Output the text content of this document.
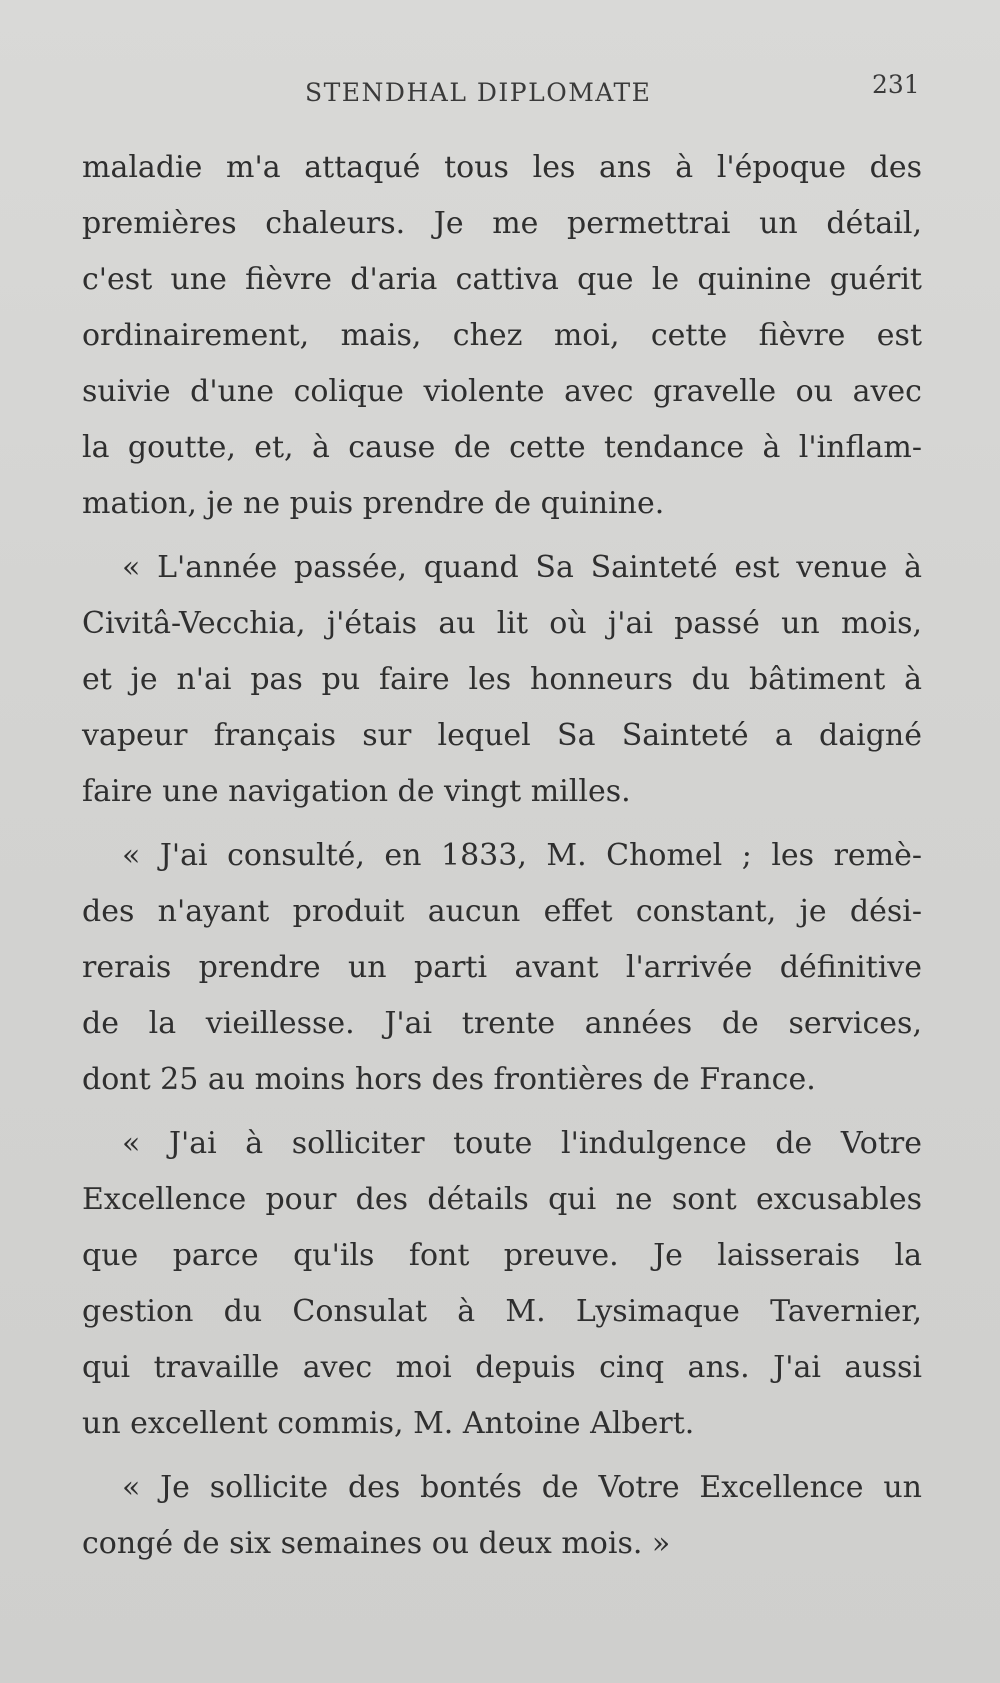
STENDHAL DIPLOMATE	231
maladie m'a attaqué tous les ans à l'époque des
premières chaleurs. Je me permettrai un détail,
c'est une fièvre d'aria cattiva que le quinine guérit
ordinairement, mais, chez moi, cette fièvre est
suivie d'une colique violente avec gravelle ou avec
la goutte, et, à cause de cette tendance à l'inflam-
mation, je ne puis prendre de quinine.
« L'année passée, quand Sa Sainteté est venue à
Civitâ-Vecchia, j'étais au lit où j'ai passé un mois,
et je n'ai pas pu faire les honneurs du bâtiment à
vapeur français sur lequel Sa Sainteté a daigné
faire une navigation de vingt milles.
« J'ai consulté, en 1833, M. Chomel ; les remè-
des n'ayant produit aucun effet constant, je dési-
rerais prendre un parti avant l'arrivée définitive
de la vieillesse. J'ai trente années de services,
dont 25 au moins hors des frontières de France.
« J'ai à solliciter toute l'indulgence de Votre
Excellence pour des détails qui ne sont excusables
que parce qu'ils font preuve. Je laisserais la
gestion du Consulat à M. Lysimaque Tavernier,
qui travaille avec moi depuis cinq ans. J'ai aussi
un excellent commis, M. Antoine Albert.
« Je sollicite des bontés de Votre Excellence un
congé de six semaines ou deux mois. »
